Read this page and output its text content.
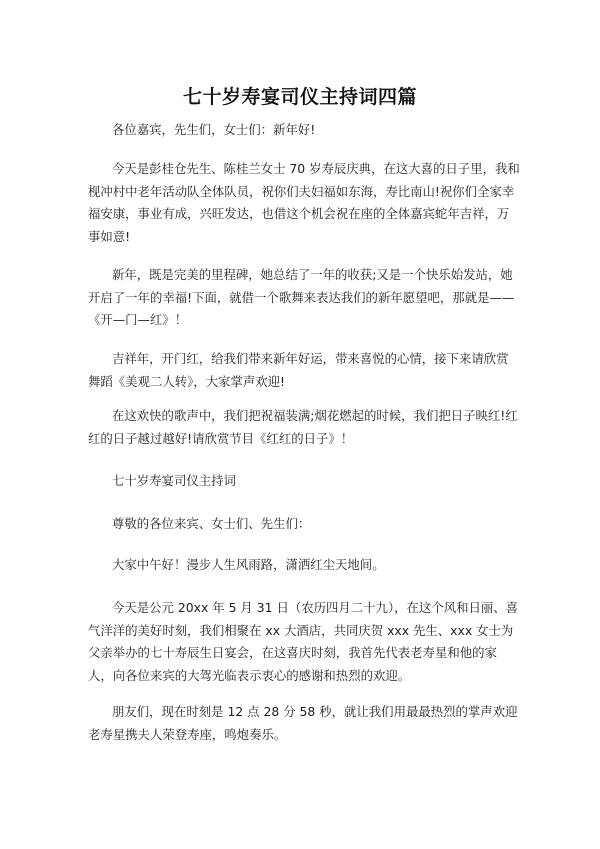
七十岁寿宴司仪主持词四篇

各位嘉宾，先生们，女士们：新年好!

今天是彭桂仓先生、陈桂兰女士 70 岁寿辰庆典，在这大喜的日子里，我和枧冲村中老年活动队全体队员，祝你们夫妇福如东海，寿比南山!祝你们全家幸福安康，事业有成，兴旺发达，也借这个机会祝在座的全体嘉宾蛇年吉祥，万事如意!

新年，既是完美的里程碑，她总结了一年的收获;又是一个快乐始发站，她开启了一年的幸福!下面，就借一个歌舞来表达我们的新年愿望吧，那就是——《开—门—红》！

吉祥年，开门红，给我们带来新年好运，带来喜悦的心情，接下来请欣赏舞蹈《美观二人转》，大家掌声欢迎!

在这欢快的歌声中，我们把祝福装满;烟花燃起的时候，我们把日子映红!红红的日子越过越好!请欣赏节目《红红的日子》！

七十岁寿宴司仪主持词

尊敬的各位来宾、女士们、先生们：

大家中午好！漫步人生风雨路，潇洒红尘天地间。

今天是公元 20xx 年 5 月 31 日（农历四月二十九），在这个风和日丽、喜气洋洋的美好时刻，我们相聚在 xx 大酒店，共同庆贺 xxx 先生、xxx 女士为父亲举办的七十寿辰生日宴会，在这喜庆时刻，我首先代表老寿星和他的家人，向各位来宾的大驾光临表示衷心的感谢和热烈的欢迎。

朋友们，现在时刻是 12 点 28 分 58 秒，就让我们用最最热烈的掌声欢迎老寿星携夫人荣登寿座，鸣炮奏乐。
